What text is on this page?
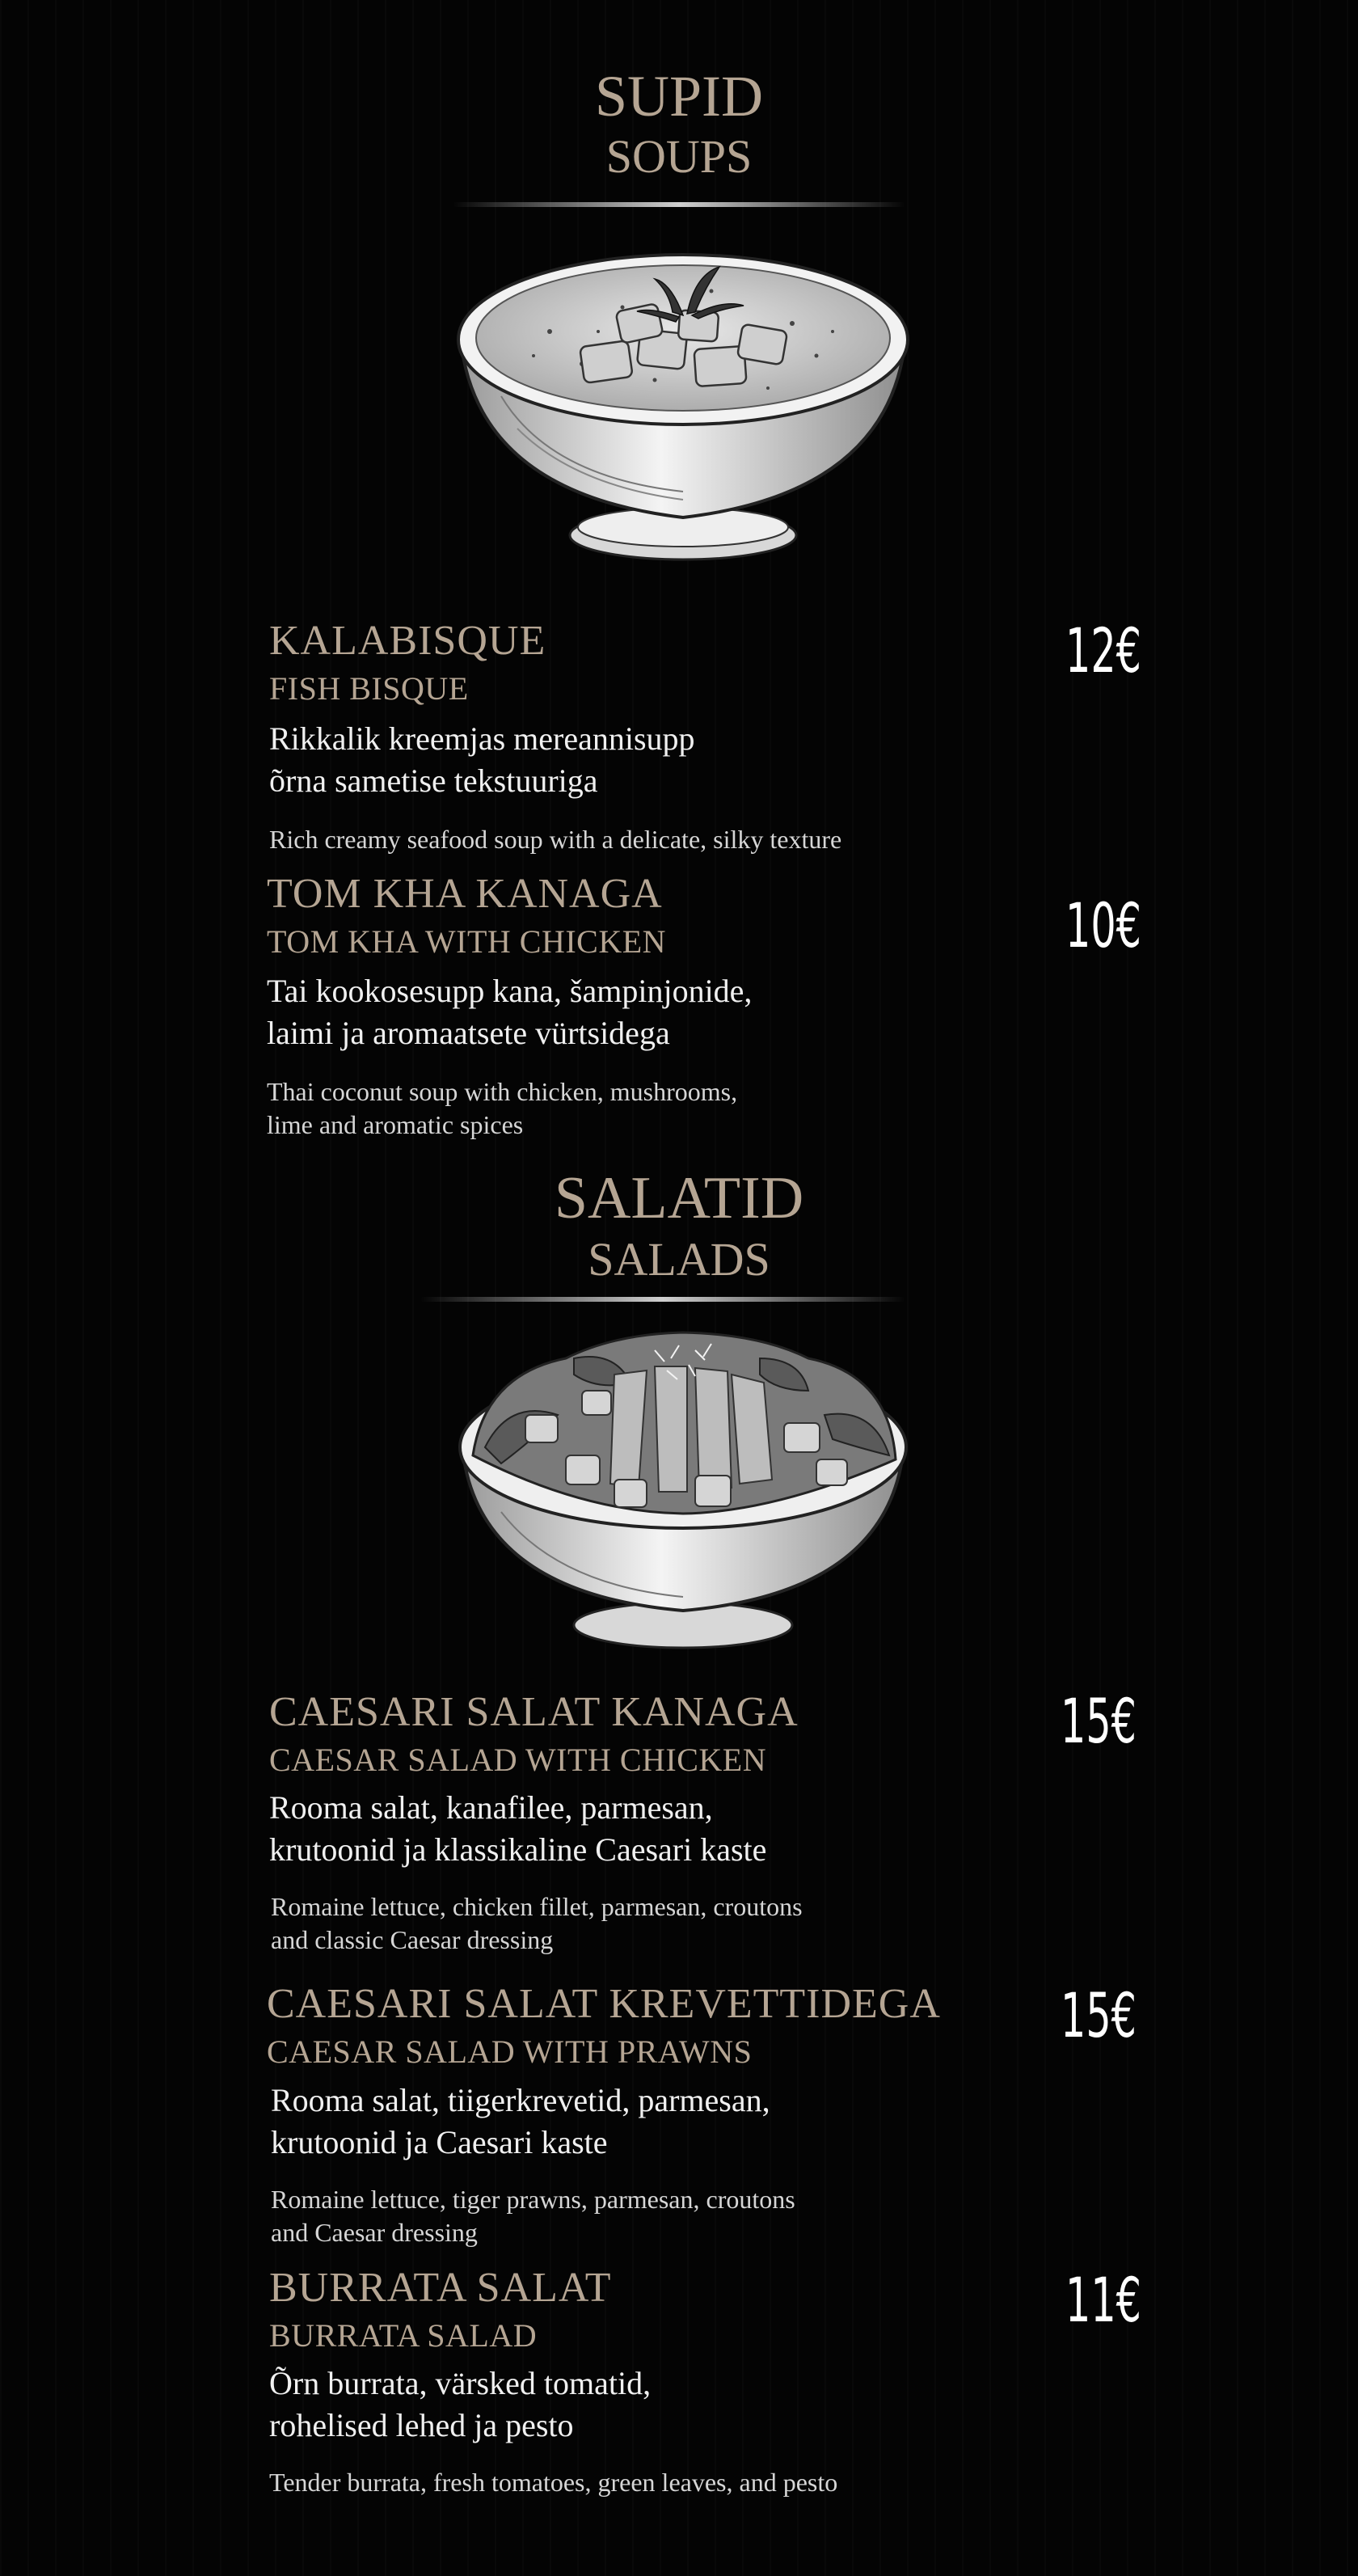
SUPID
SOUPS
KALABISQUE
FISH BISQUE
Rikkalik kreemjas mereannisupp
õrna sametise tekstuuriga
Rich creamy seafood soup with a delicate, silky texture
12€
TOM KHA KANAGA
TOM KHA WITH CHICKEN
Tai kookosesupp kana, šampinjonide,
laimi ja aromaatsete vürtsidega
Thai coconut soup with chicken, mushrooms,
lime and aromatic spices
10€
SALATID
SALADS
CAESARI SALAT KANAGA
CAESAR SALAD WITH CHICKEN
Rooma salat, kanafilee, parmesan,
krutoonid ja klassikaline Caesari kaste
Romaine lettuce, chicken fillet, parmesan, croutons
and classic Caesar dressing
15€
CAESARI SALAT KREVETTIDEGA
CAESAR SALAD WITH PRAWNS
Rooma salat, tiigerkrevetid, parmesan,
krutoonid ja Caesari kaste
Romaine lettuce, tiger prawns, parmesan, croutons
and Caesar dressing
15€
BURRATA SALAT
BURRATA SALAD
Õrn burrata, värsked tomatid,
rohelised lehed ja pesto
Tender burrata, fresh tomatoes, green leaves, and pesto
11€
